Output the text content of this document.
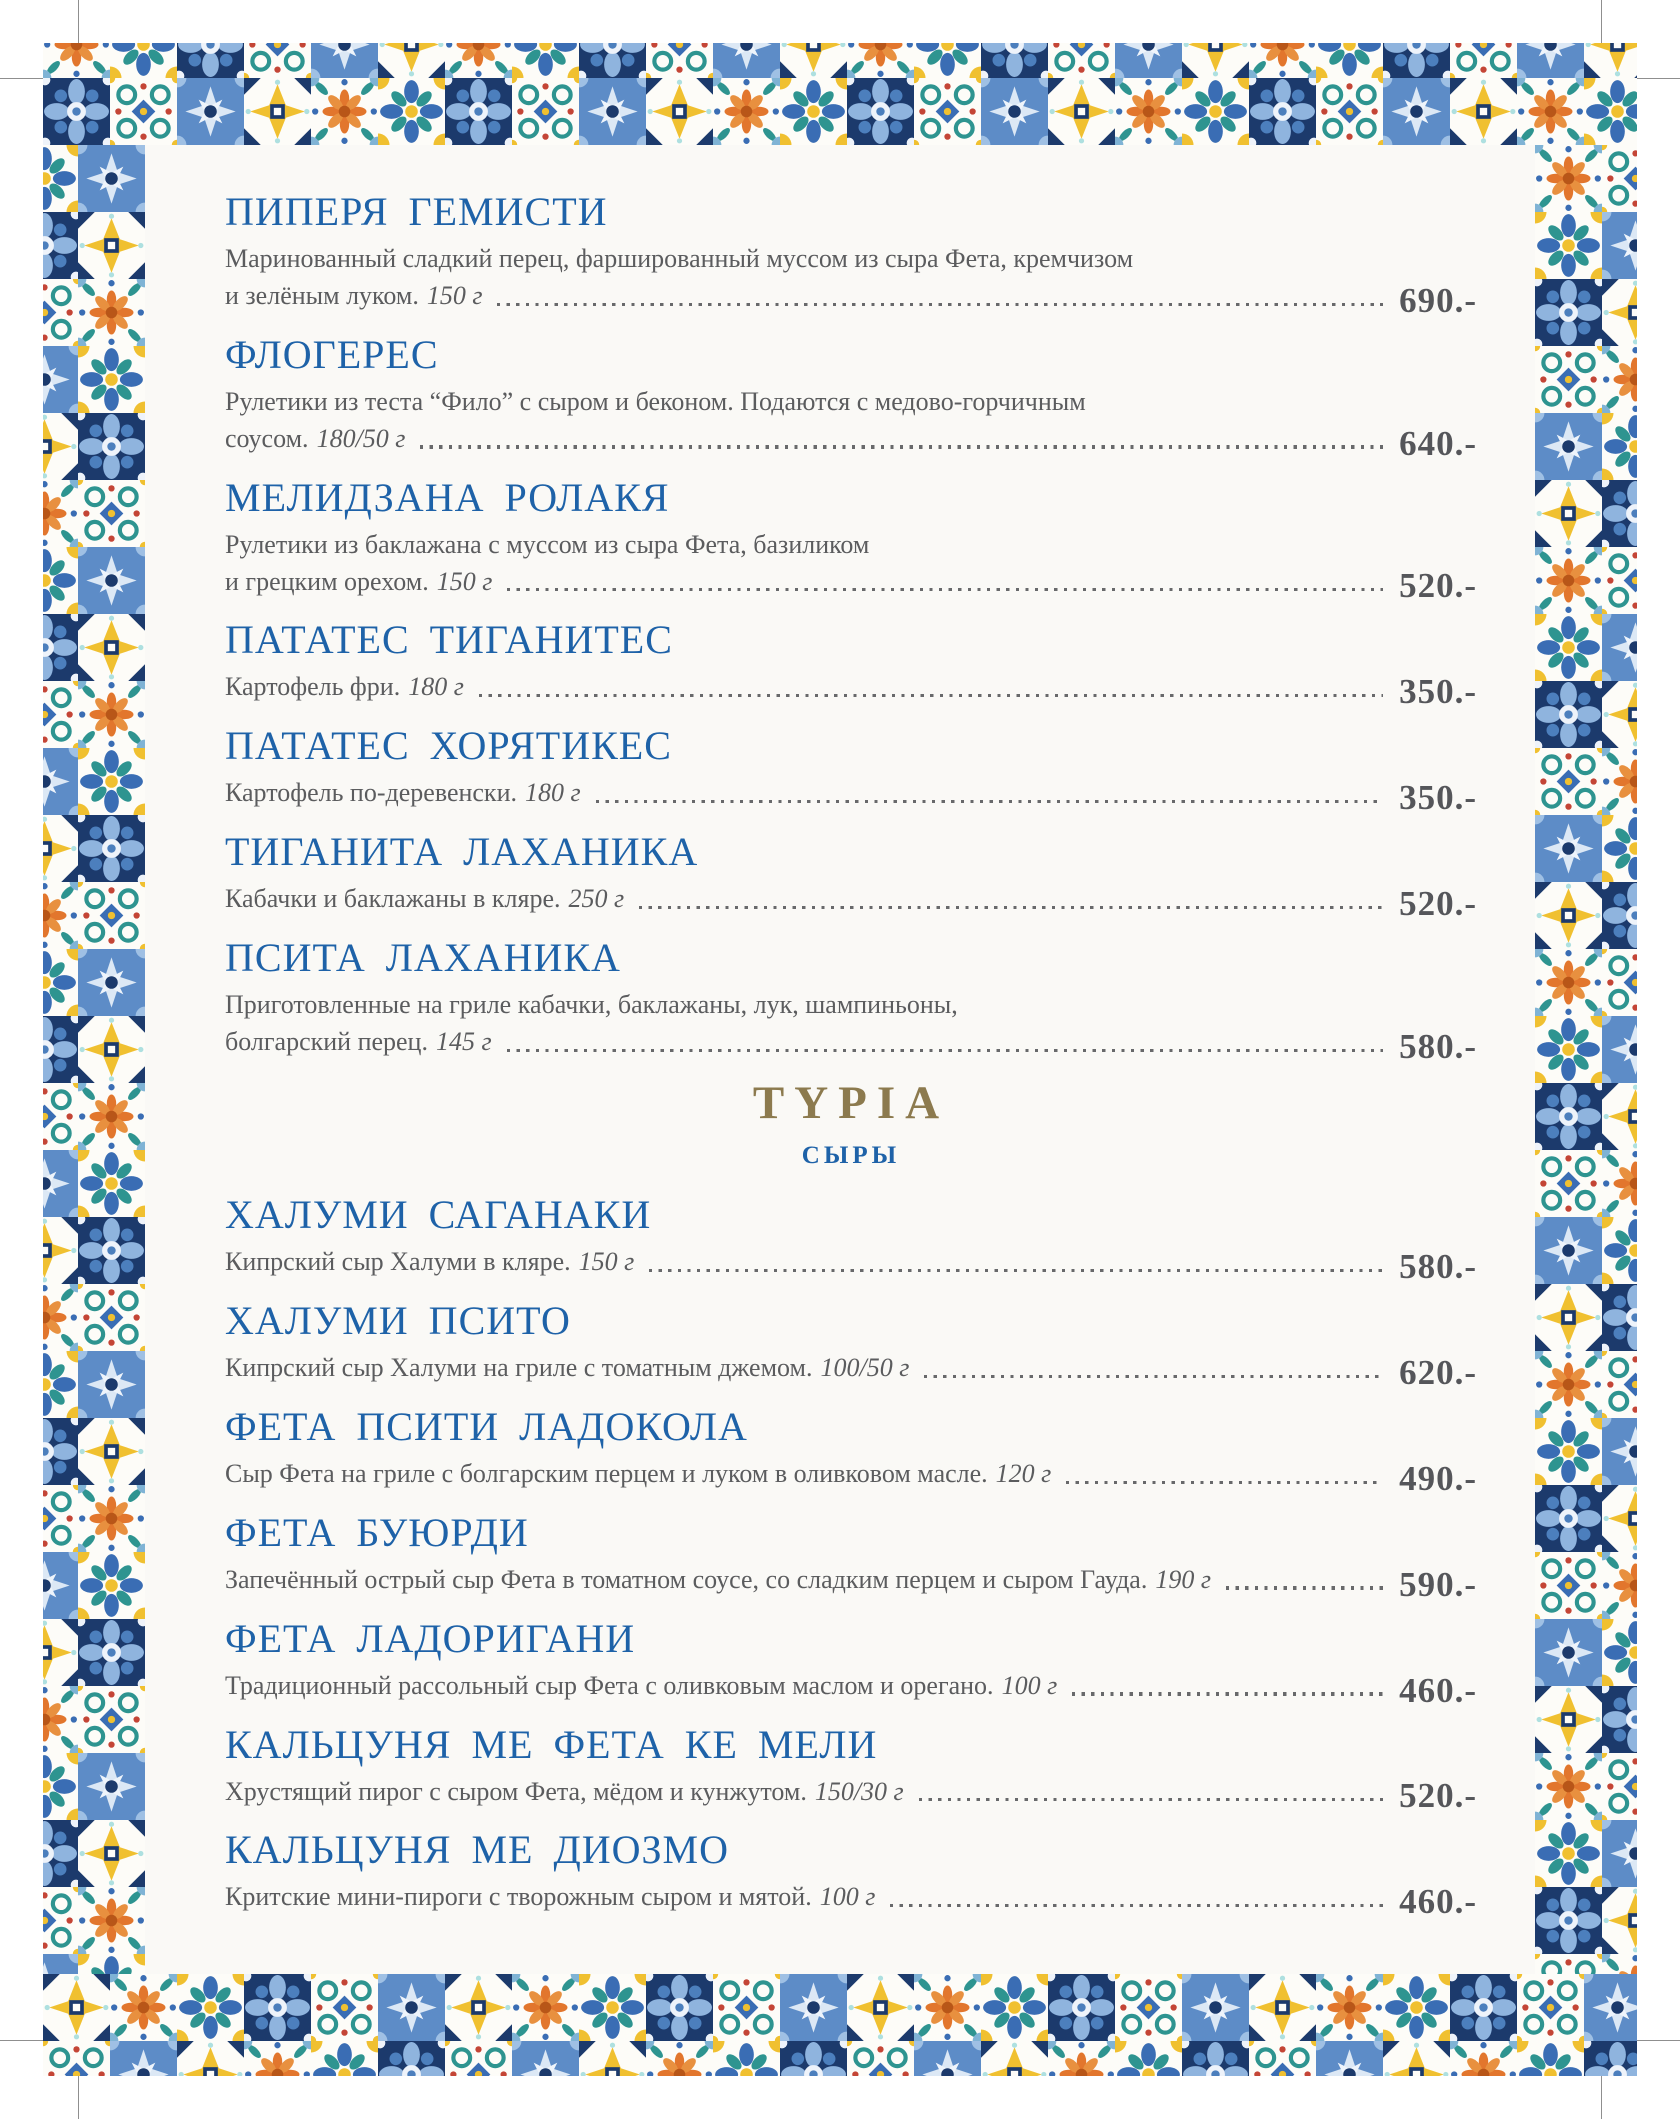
ПИПЕРЯ ГЕМИСТИ
Маринованный сладкий перец, фаршированный муссом из сыра Фета, кремчизом
и зелёным луком. 150 г	690.-
ФЛОГЕРЕС
Рулетики из теста “Фило” с сыром и беконом. Подаются с медово-горчичным
соусом. 180/50 г	640.-
МЕЛИДЗАНА РОЛАКЯ
Рулетики из баклажана с муссом из сыра Фета, базиликом
и грецким орехом. 150 г	520.-
ПАТАТЕС ТИГАНИТЕС
Картофель фри. 180 г	350.-
ПАТАТЕС ХОРЯТИКЕС
Картофель по-деревенски. 180 г	350.-
ТИГАНИТА ЛАХАНИКА
Кабачки и баклажаны в кляре. 250 г	520.-
ПСИТА ЛАХАНИКА
Приготовленные на гриле кабачки, баклажаны, лук, шампиньоны,
болгарский перец. 145 г	580.-
ΤΥΡΙΑ
СЫРЫ
ХАЛУМИ САГАНАКИ
Кипрский сыр Халуми в кляре. 150 г	580.-
ХАЛУМИ ПСИТО
Кипрский сыр Халуми на гриле с томатным джемом. 100/50 г	620.-
ФЕТА ПСИТИ ЛАДОКОЛА
Сыр Фета на гриле с болгарским перцем и луком в оливковом масле. 120 г	490.-
ФЕТА БУЮРДИ
Запечённый острый сыр Фета в томатном соусе, со сладким перцем и сыром Гауда. 190 г	590.-
ФЕТА ЛАДОРИГАНИ
Традиционный рассольный сыр Фета с оливковым маслом и орегано. 100 г	460.-
КАЛЬЦУНЯ МЕ ФЕТА КЕ МЕЛИ
Хрустящий пирог с сыром Фета, мёдом и кунжутом. 150/30 г	520.-
КАЛЬЦУНЯ МЕ ДИОЗМО
Критские мини-пироги с творожным сыром и мятой. 100 г	460.-
